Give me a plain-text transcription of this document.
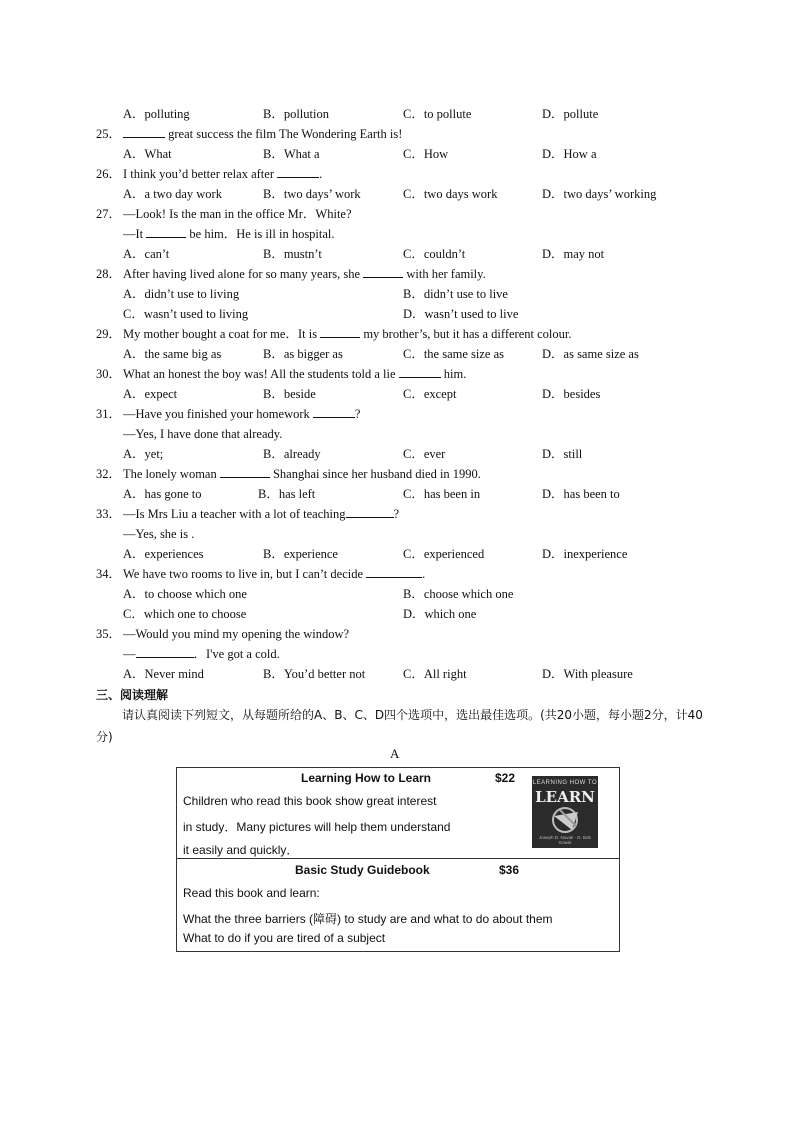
A．polluting	B．pollution	C．to pollute	D．pollute
25．	great success the film The Wondering Earth is!
A．What	B．What a	C．How	D．How a
26． I think you’d better relax after	.
A．a two day work	B．two days’ work	C．two days work	D．two days’ working
27． —Look! Is the man in the office Mr．White?
—It	be him．He is ill in hospital.
A．can’t	B．mustn’t	C．couldn’t	D．may not
28． After having lived alone for so many years, she	with her family.
A．didn’t use to living	B．didn’t use to live
C．wasn’t used to living	D．wasn’t used to live
29． My mother bought a coat for me．It is	my brother’s, but it has a different colour.
A．the same big as	B．as bigger as	C．the same size as	D．as same size as
30． What an honest the boy was! All the students told a lie	him.
A．expect	B．beside	C．except	D．besides
31． —Have you finished your homework	?
—Yes, I have done that already.
A．yet;	B．already	C．ever	D．still
32． The lonely woman	Shanghai since her husband died in 1990.
A．has gone to	B．has left	C．has been in	D．has been to
33． —Is Mrs Liu a teacher with a lot of teaching	?
—Yes, she is .
A．experiences	B．experience	C．experienced	D．inexperience
34． We have two rooms to live in, but I can’t decide	.
A．to choose which one	B．choose which one
C．which one to choose	D．which one
35． —Would you mind my opening the window?
—	．I've got a cold.
A．Never mind	B．You’d better not	C．All right	D．With pleasure
三、阅读理解
请认真阅读下列短文，从每题所给的A、B、C、D四个选项中，选出最佳选项。(共20小题，每小题2分，计40分)
A
Learning How to Learn	$22
Children who read this book show great interest
in study．Many pictures will help them understand
it easily and quickly．
LEARNING HOW TO
LEARN
Joseph D. Novak · D. Bob Gowin
Basic Study Guidebook	$36
Read this book and learn:
What the three barriers (障碍) to study are and what to do about them
What to do if you are tired of a subject
